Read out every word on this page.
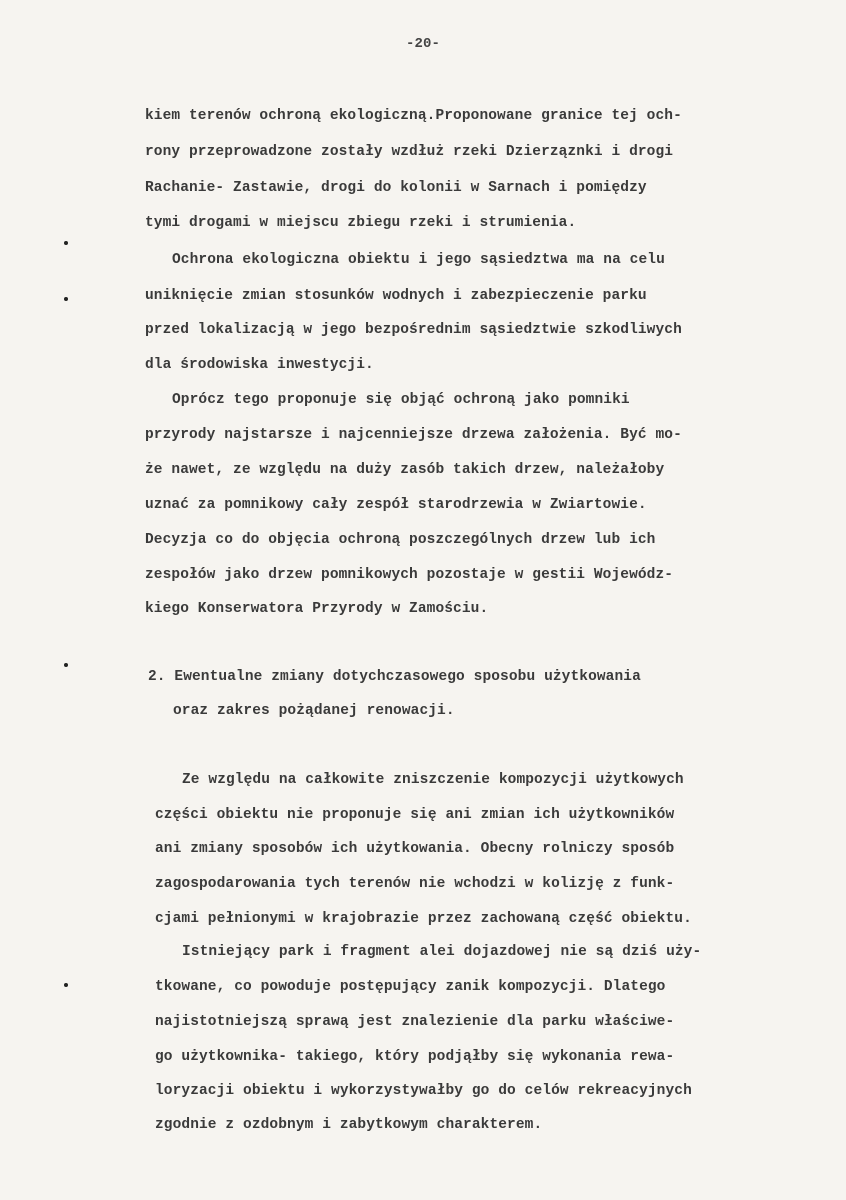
-20-
kiem terenów ochroną ekologiczną.Proponowane granice tej och-
rony przeprowadzone zostały wzdłuż rzeki Dzierząznki i drogi
Rachanie- Zastawie, drogi do kolonii w Sarnach i pomiędzy
tymi drogami w miejscu zbiegu rzeki i strumienia.
Ochrona ekologiczna obiektu i jego sąsiedztwa ma na celu
uniknięcie zmian stosunków wodnych i zabezpieczenie parku
przed lokalizacją w jego bezpośrednim sąsiedztwie szkodliwych
dla środowiska inwestycji.
Oprócz tego proponuje się objąć ochroną jako pomniki
przyrody najstarsze i najcenniejsze drzewa założenia. Być mo-
że nawet, ze względu na duży zasób takich drzew, należałoby
uznać za pomnikowy cały zespół starodrzewia w Zwiartowie.
Decyzja co do objęcia ochroną poszczególnych drzew lub ich
zespołów jako drzew pomnikowych pozostaje w gestii Wojewódz-
kiego Konserwatora Przyrody w Zamościu.
2. Ewentualne zmiany dotychczasowego sposobu użytkowania
oraz zakres pożądanej renowacji.
Ze względu na całkowite zniszczenie kompozycji użytkowych
części obiektu nie proponuje się ani zmian ich użytkowników
ani zmiany sposobów ich użytkowania. Obecny rolniczy sposób
zagospodarowania tych terenów nie wchodzi w kolizję z funk-
cjami pełnionymi w krajobrazie przez zachowaną część obiektu.
Istniejący park i fragment alei dojazdowej nie są dziś uży-
tkowane, co powoduje postępujący zanik kompozycji. Dlatego
najistotniejszą sprawą jest znalezienie dla parku właściwe-
go użytkownika- takiego, który podjąłby się wykonania rewa-
loryzacji obiektu i wykorzystywałby go do celów rekreacyjnych
zgodnie z ozdobnym i zabytkowym charakterem.
